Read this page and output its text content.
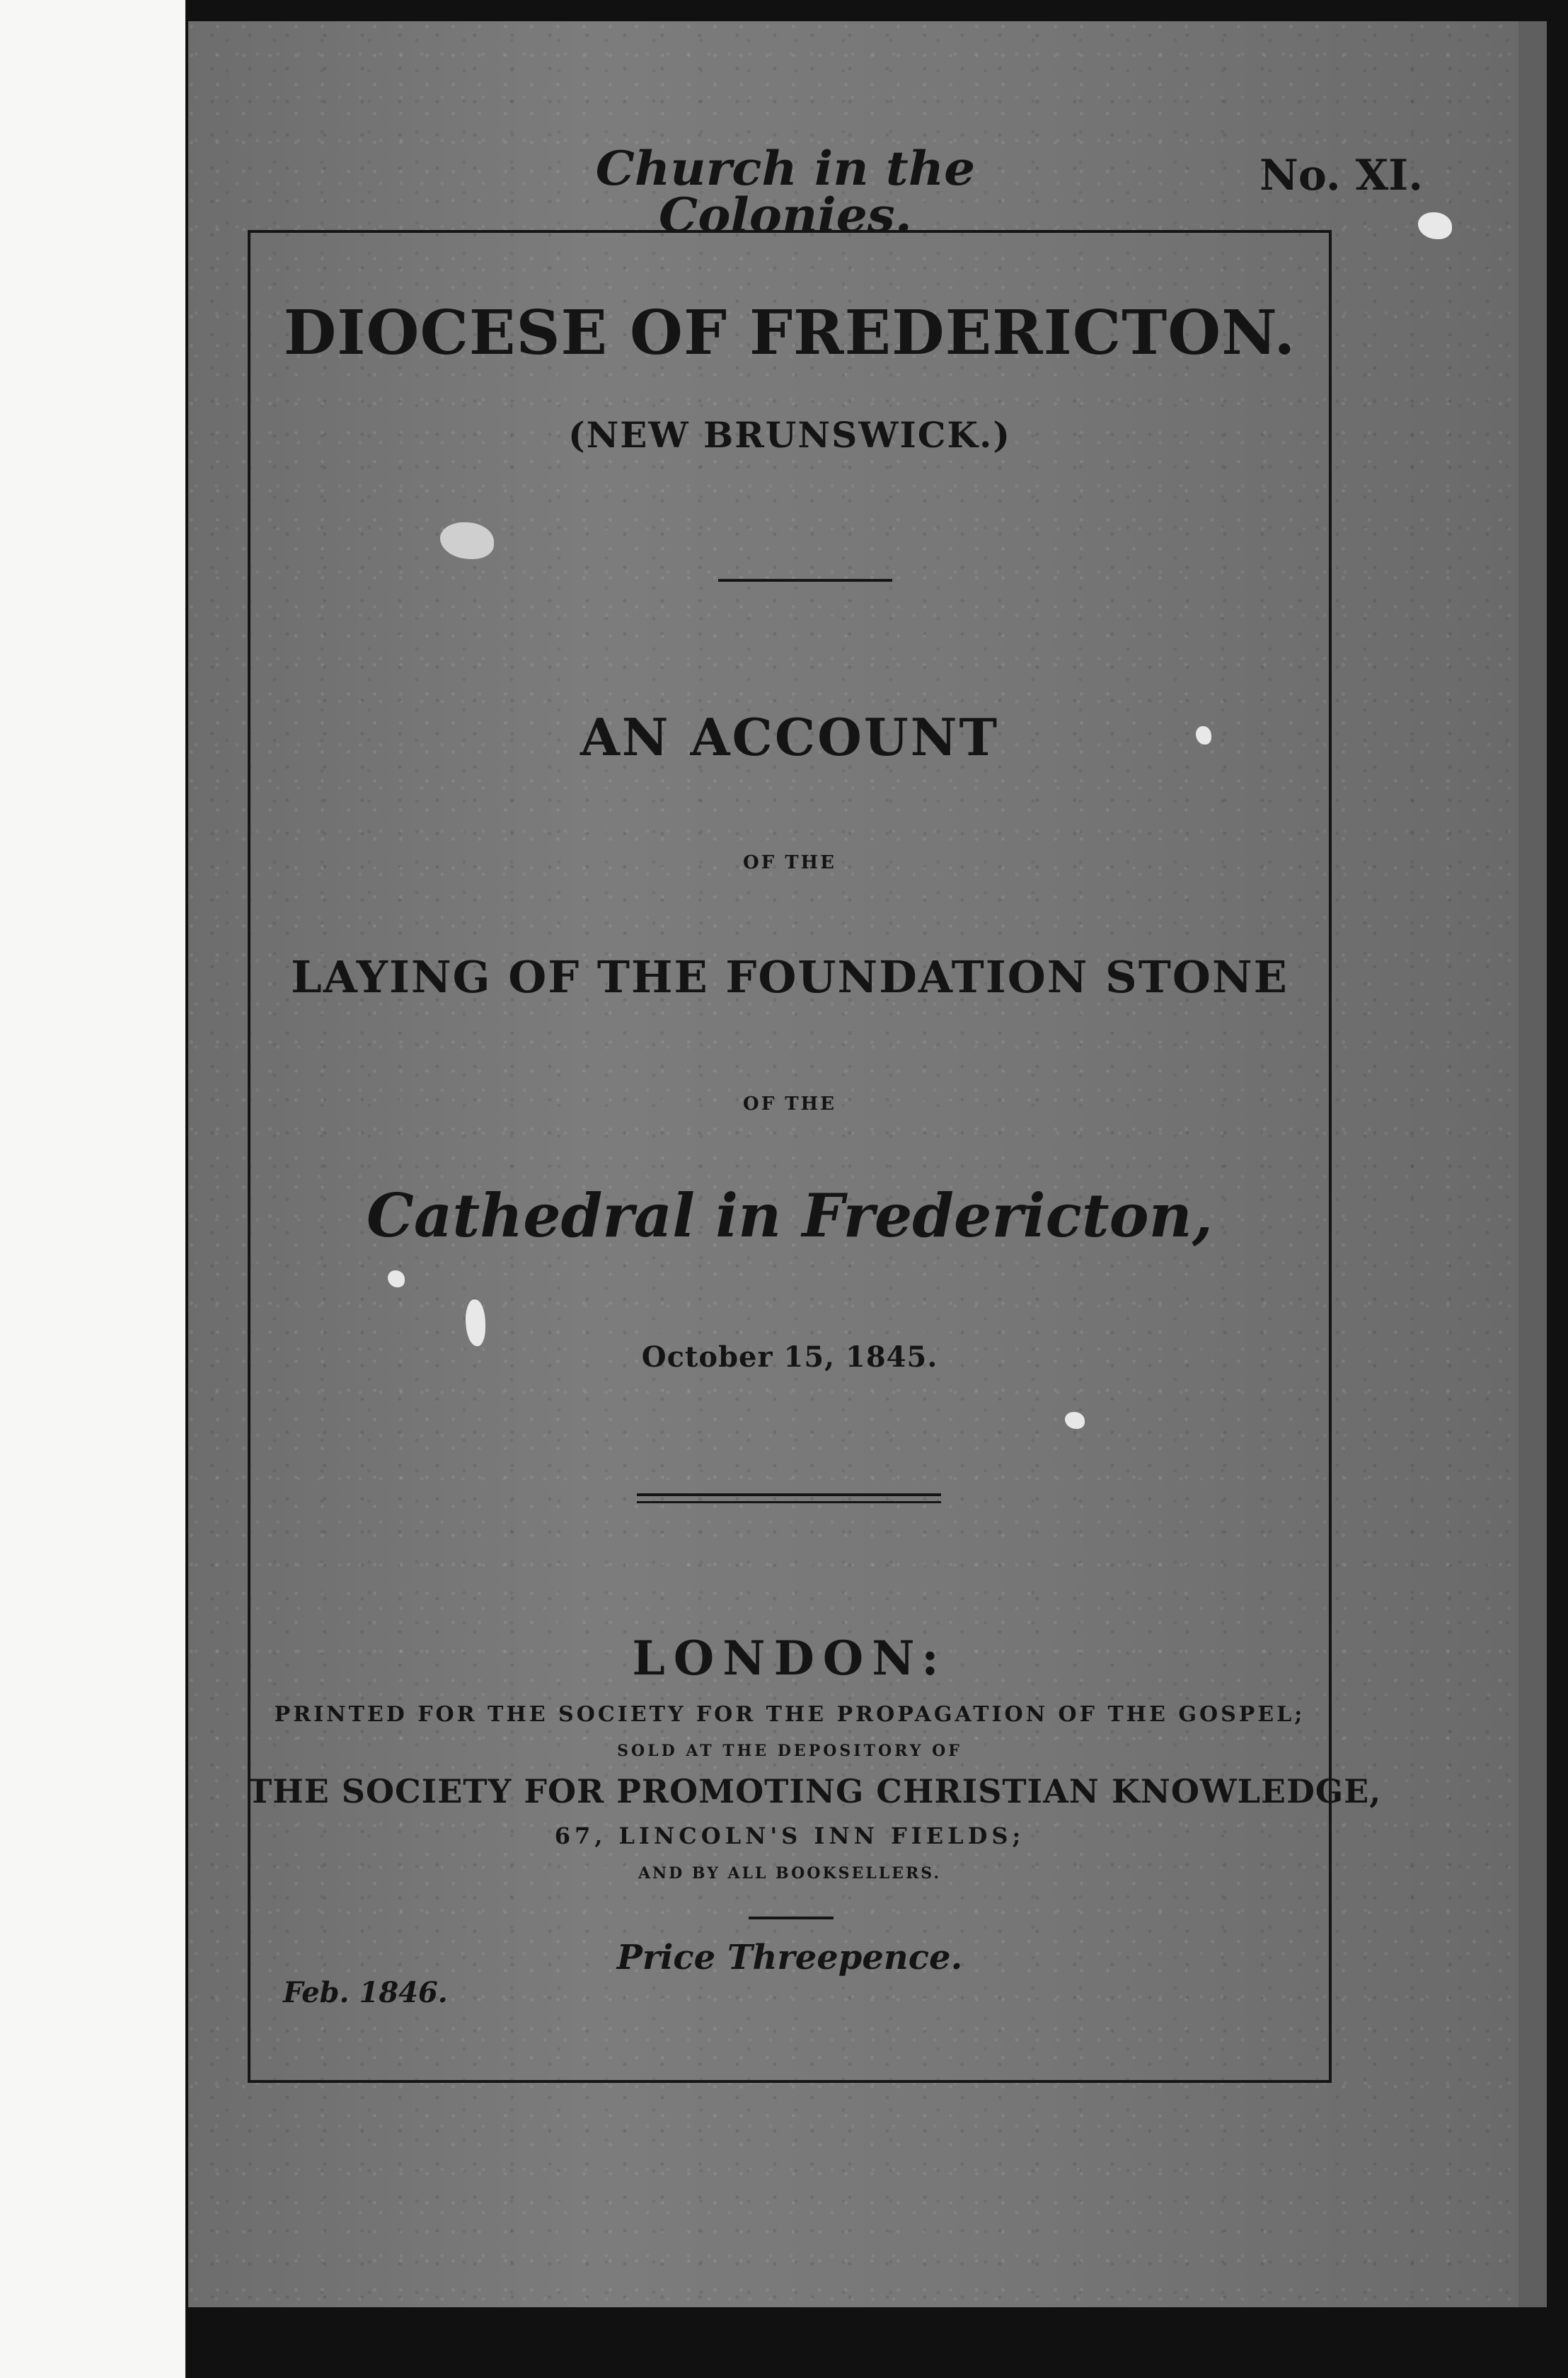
Church in the Colonies.
No. XI.
DIOCESE OF FREDERICTON.
(NEW BRUNSWICK.)
AN ACCOUNT
OF THE
LAYING OF THE FOUNDATION STONE
OF THE
Cathedral in Fredericton,
October 15, 1845.
LONDON:
PRINTED FOR THE SOCIETY FOR THE PROPAGATION OF THE GOSPEL;
SOLD AT THE DEPOSITORY OF
THE SOCIETY FOR PROMOTING CHRISTIAN KNOWLEDGE,
67, LINCOLN'S INN FIELDS;
AND BY ALL BOOKSELLERS.
Price Threepence.
Feb. 1846.
